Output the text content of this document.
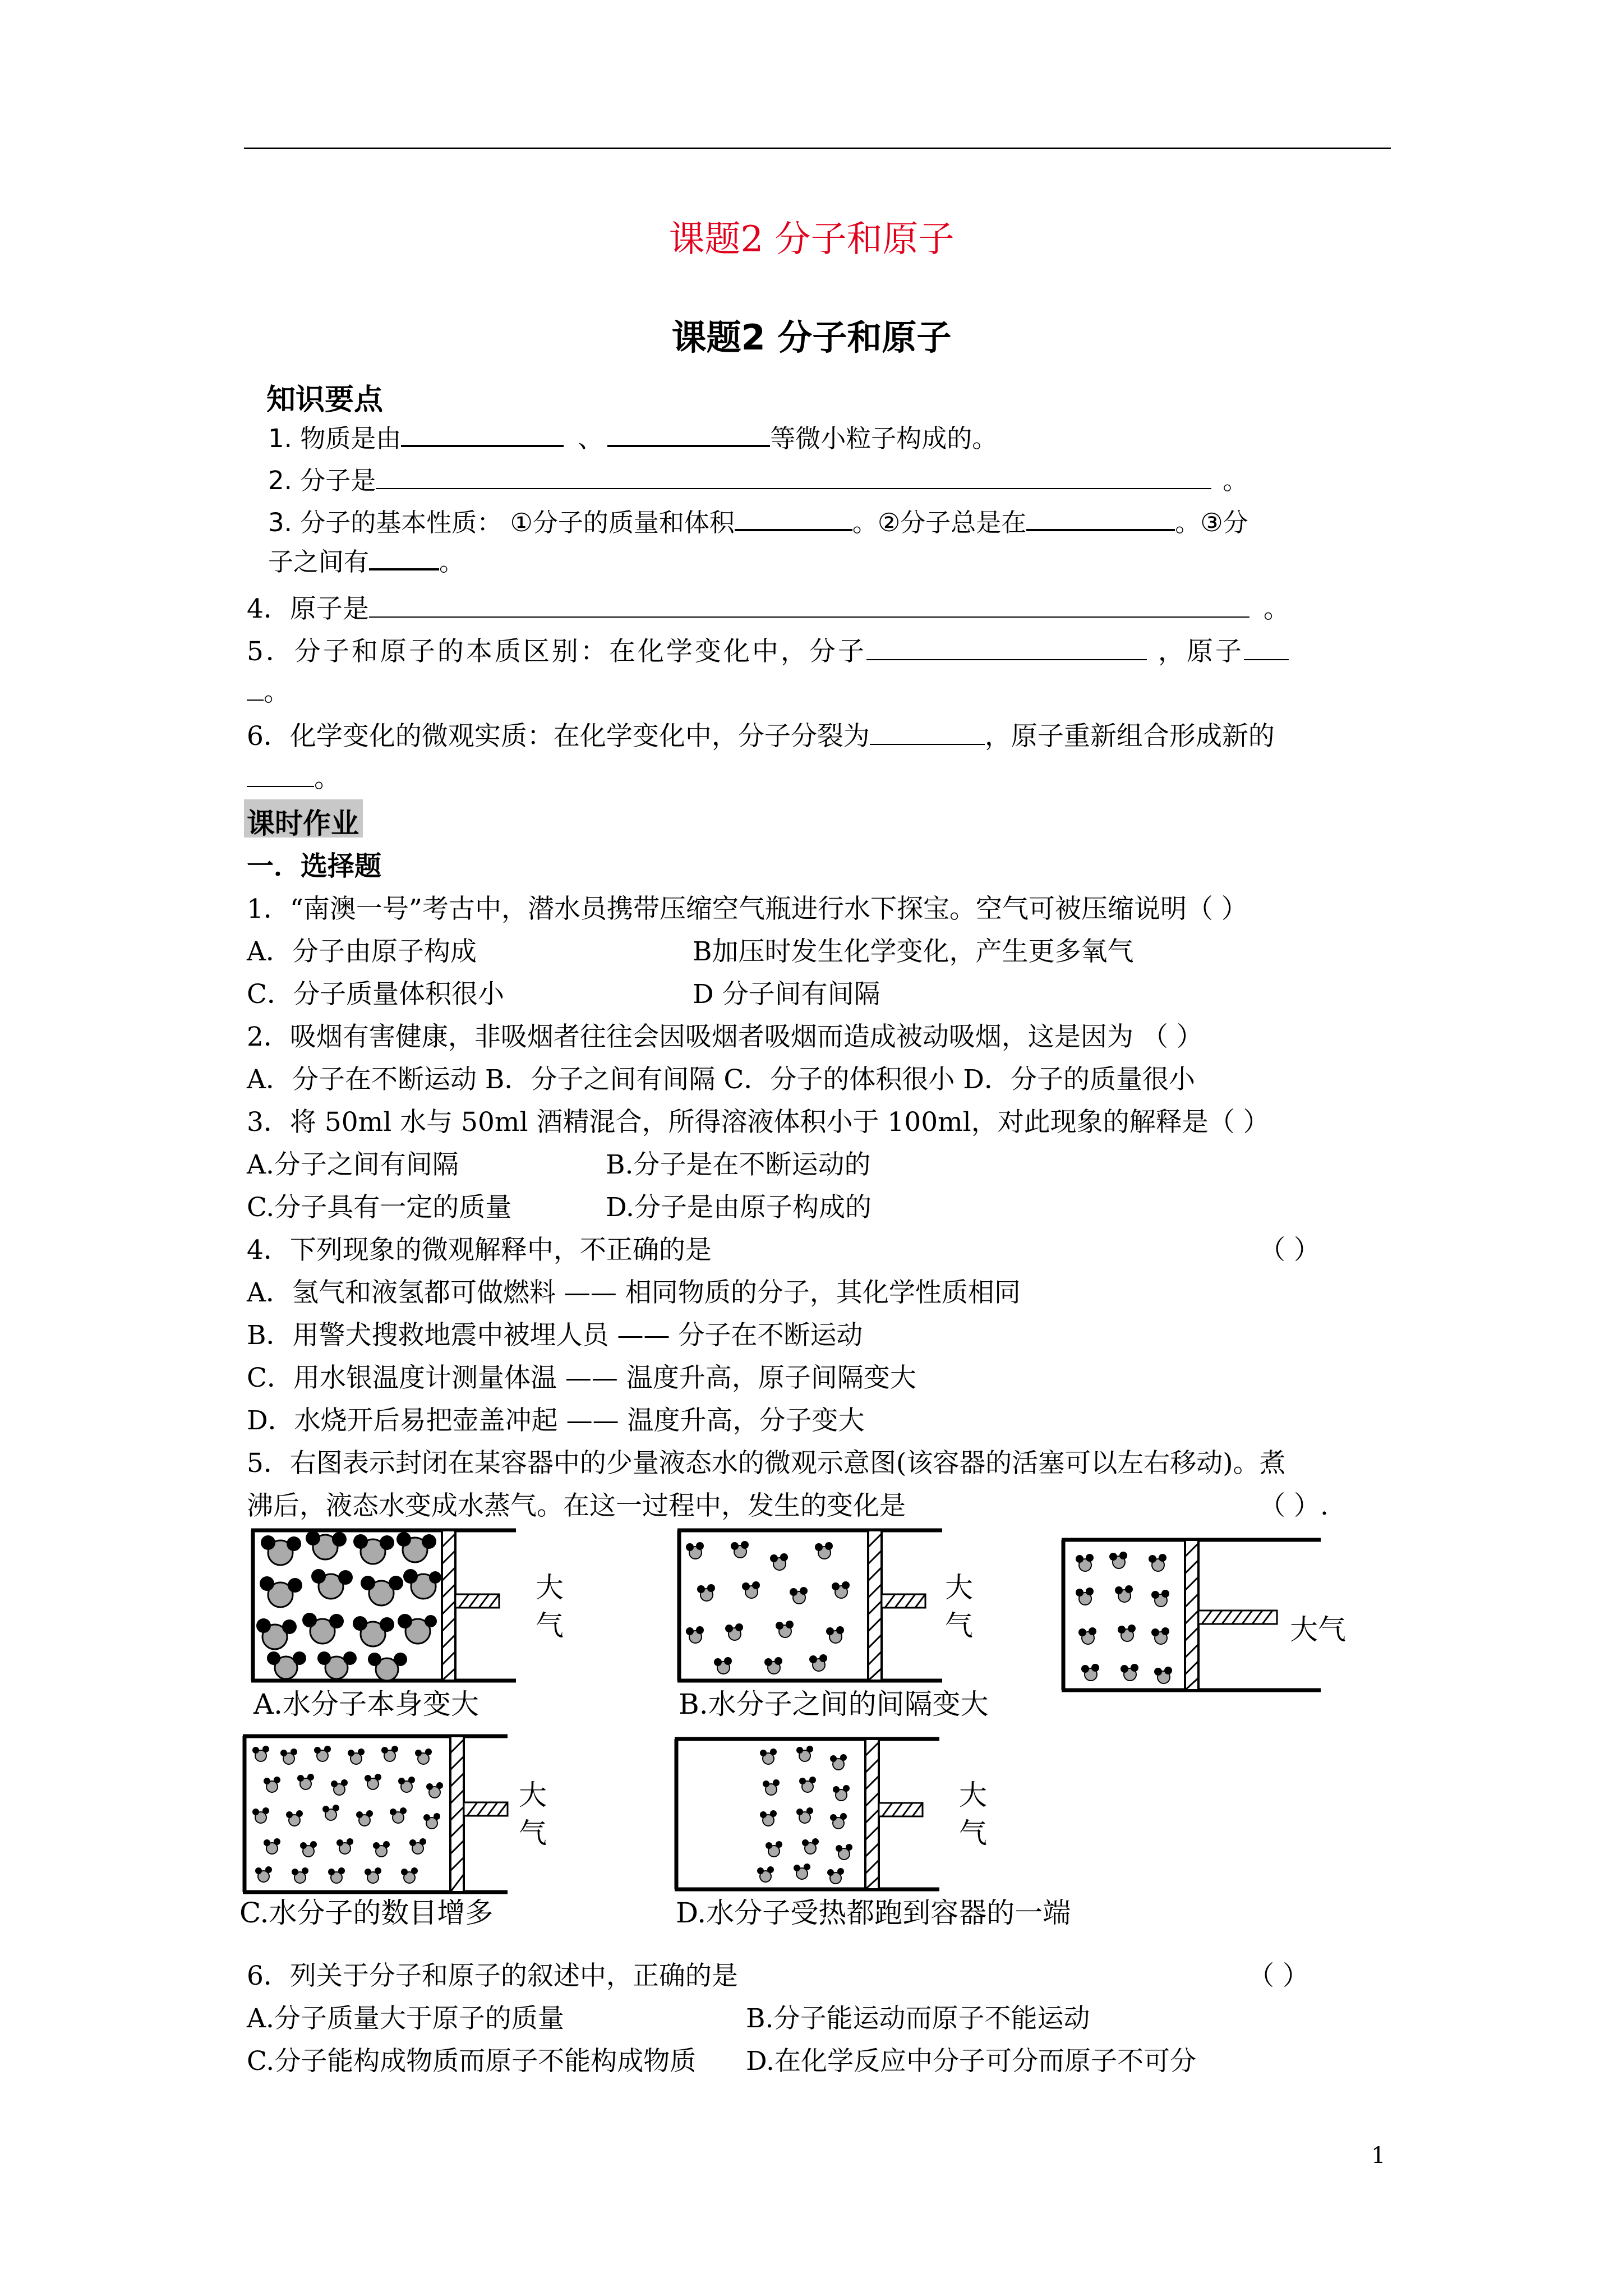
课题2 分子和原子
课题2 分子和原子
知识要点
1. 物质是由	、	等微小粒子构成的。
2. 分子是	。
3. 分子的基本性质： ①分子的质量和体积	。②分子总是在	。③分
子之间有	。
4．原子是	。
5．分子和原子的本质区别：在化学变化中，分子	，原子
。
6．化学变化的微观实质：在化学变化中，分子分裂为	，原子重新组合形成新的
。
课时作业
一．选择题
1．“南澳一号”考古中，潜水员携带压缩空气瓶进行水下探宝。空气可被压缩说明（ ）
A．分子由原子构成	B加压时发生化学变化，产生更多氧气
C．分子质量体积很小	D 分子间有间隔
2．吸烟有害健康，非吸烟者往往会因吸烟者吸烟而造成被动吸烟，这是因为 （ ）
A．分子在不断运动 B．分子之间有间隔 C．分子的体积很小 D．分子的质量很小
3．将 50ml 水与 50ml 酒精混合，所得溶液体积小于 100ml，对此现象的解释是（ ）
A.分子之间有间隔	B.分子是在不断运动的
C.分子具有一定的质量	D.分子是由原子构成的
4．下列现象的微观解释中，不正确的是	（ ）
A．氢气和液氢都可做燃料 —— 相同物质的分子，其化学性质相同
B．用警犬搜救地震中被埋人员 —— 分子在不断运动
C．用水银温度计测量体温 —— 温度升高，原子间隔变大
D．水烧开后易把壶盖冲起 —— 温度升高，分子变大
5．右图表示封闭在某容器中的少量液态水的微观示意图(该容器的活塞可以左右移动)。煮
沸后，液态水变成水蒸气。在这一过程中，发生的变化是	（ ）.
大
气
A.水分子本身变大
大
气
B.水分子之间的间隔变大
大气
大
气
C.水分子的数目增多
大
气
D.水分子受热都跑到容器的一端
6．列关于分子和原子的叙述中，正确的是	（ ）
A.分子质量大于原子的质量	B.分子能运动而原子不能运动
C.分子能构成物质而原子不能构成物质 D.在化学反应中分子可分而原子不可分
1
